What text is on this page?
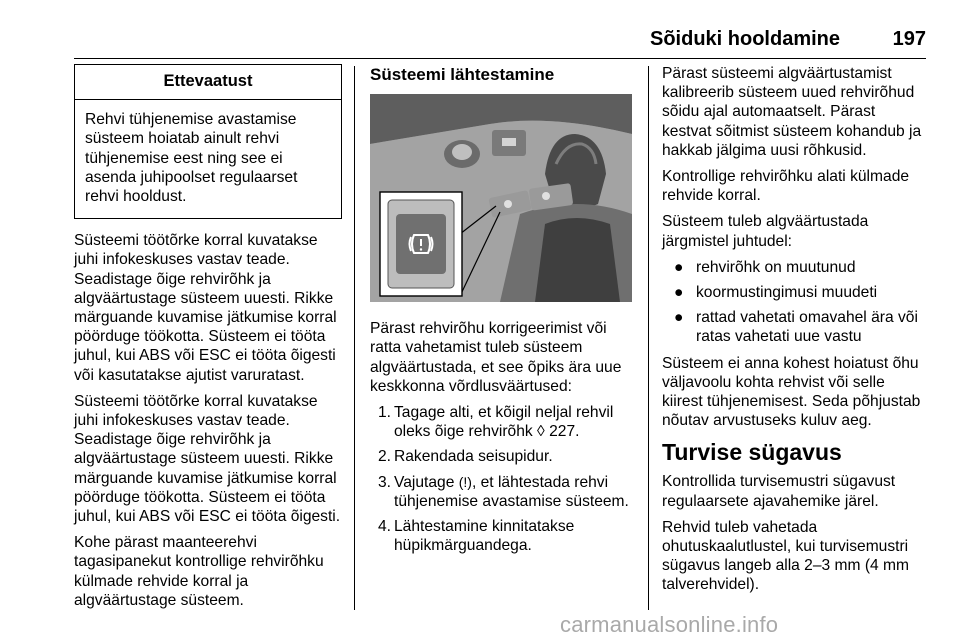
Sõiduki hooldamine	197
Ettevaatust
Rehvi tühjenemise avastamise süsteem hoiatab ainult rehvi tühjenemise eest ning see ei asenda juhipoolset regulaarset rehvi hooldust.

Süsteemi töötõrke korral kuvatakse juhi infokeskuses vastav teade. Seadistage õige rehvirõhk ja algväärtustage süsteem uuesti. Rikke märguande kuvamise jätkumise korral pöörduge töökotta. Süsteem ei tööta juhul, kui ABS või ESC ei tööta õigesti või kasutatakse ajutist varuratast.

Süsteemi töötõrke korral kuvatakse juhi infokeskuses vastav teade. Seadistage õige rehvirõhk ja algväärtustage süsteem uuesti. Rikke märguande kuvamise jätkumise korral pöörduge töökotta. Süsteem ei tööta juhul, kui ABS või ESC ei tööta õigesti.

Kohe pärast maanteerehvi tagasipanekut kontrollige rehvirõhku külmade rehvide korral ja algväärtustage süsteem.

Süsteemi lähtestamine

Pärast rehvirõhu korrigeerimist või ratta vahetamist tuleb süsteem algväärtustada, et see õpiks ära uue keskkonna võrdlusväärtused:

1. Tagage alti, et kõigil neljal rehvil oleks õige rehvirõhk ◊ 227.
2. Rakendada seisupidur.
3. Vajutage (!), et lähtestada rehvi tühjenemise avastamise süsteem.
4. Lähtestamine kinnitatakse hüpikmärguandega.

Pärast süsteemi algväärtustamist kalibreerib süsteem uued rehvirõhud sõidu ajal automaatselt. Pärast kestvat sõitmist süsteem kohandub ja hakkab jälgima uusi rõhkusid.

Kontrollige rehvirõhku alati külmade rehvide korral.

Süsteem tuleb algväärtustada järgmistel juhtudel:

● rehvirõhk on muutunud
● koormustingimusi muudeti
● rattad vahetati omavahel ära või ratas vahetati uue vastu

Süsteem ei anna kohest hoiatust õhu väljavoolu kohta rehvist või selle kiirest tühjenemisest. Seda põhjustab nõutav arvustuseks kuluv aeg.

Turvise sügavus

Kontrollida turvisemustri sügavust regulaarsete ajavahemike järel.

Rehvid tuleb vahetada ohutuskaalutlustel, kui turvisemustri sügavus langeb alla 2–3 mm (4 mm talverehvidel).

carmanualsonline.info
